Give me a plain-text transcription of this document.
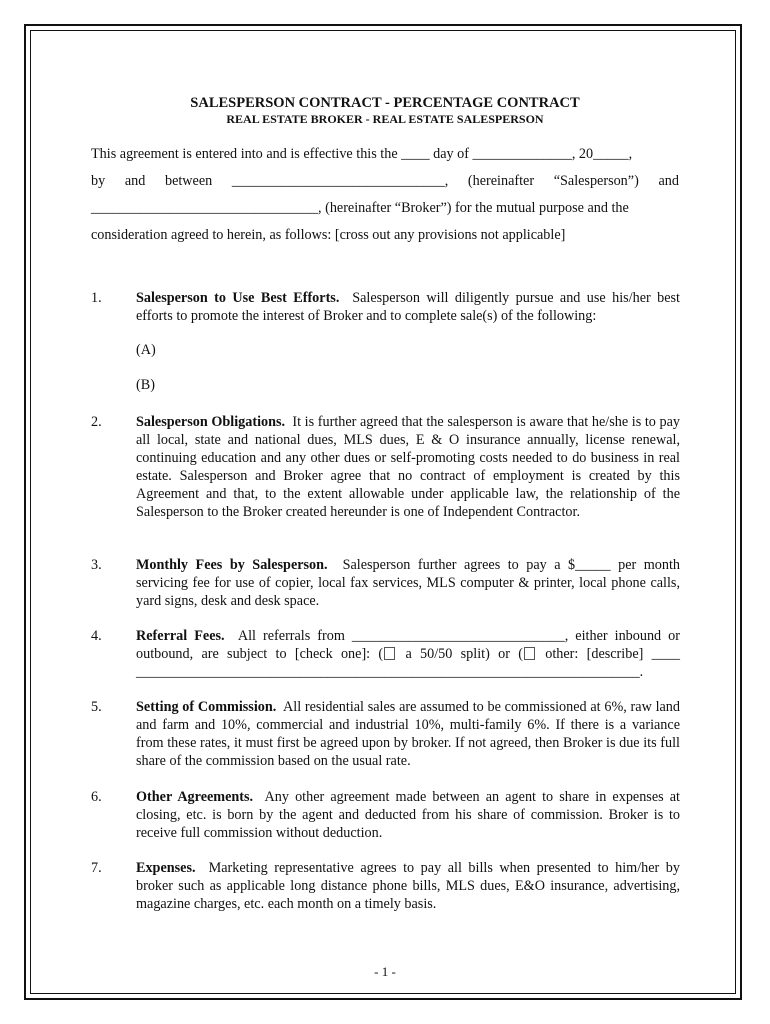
SALESPERSON CONTRACT - PERCENTAGE CONTRACT
REAL ESTATE BROKER - REAL ESTATE SALESPERSON
This agreement is entered into and is effective this the ____ day of ______________, 20_____,
by and between ______________________________, (hereinafter “Salesperson”) and
________________________________, (hereinafter “Broker”) for the mutual purpose and the
consideration agreed to herein, as follows: [cross out any provisions not applicable]
1.	Salesperson to Use Best Efforts. Salesperson will diligently pursue and use his/her best efforts to promote the interest of Broker and to complete sale(s) of the following:
(A)
(B)
2.	Salesperson Obligations. It is further agreed that the salesperson is aware that he/she is to pay all local, state and national dues, MLS dues, E & O insurance annually, license renewal, continuing education and any other dues or self-promoting costs needed to do business in real estate. Salesperson and Broker agree that no contract of employment is created by this Agreement and that, to the extent allowable under applicable law, the relationship of the Salesperson to the Broker created hereunder is one of Independent Contractor.
3.	Monthly Fees by Salesperson. Salesperson further agrees to pay a $_____ per month servicing fee for use of copier, local fax services, MLS computer & printer, local phone calls, yard signs, desk and desk space.
4.	Referral Fees. All referrals from ______________________________, either inbound or outbound, are subject to [check one]: ( a 50/50 split) or ( other: [describe] ____ _______________________________________________________________________.
5.	Setting of Commission. All residential sales are assumed to be commissioned at 6%, raw land and farm and 10%, commercial and industrial 10%, multi-family 6%. If there is a variance from these rates, it must first be agreed upon by broker. If not agreed, then Broker is due its full share of the commission based on the usual rate.
6.	Other Agreements. Any other agreement made between an agent to share in expenses at closing, etc. is born by the agent and deducted from his share of commission. Broker is to receive full commission without deduction.
7.	Expenses. Marketing representative agrees to pay all bills when presented to him/her by broker such as applicable long distance phone bills, MLS dues, E&O insurance, advertising, magazine charges, etc. each month on a timely basis.
- 1 -
